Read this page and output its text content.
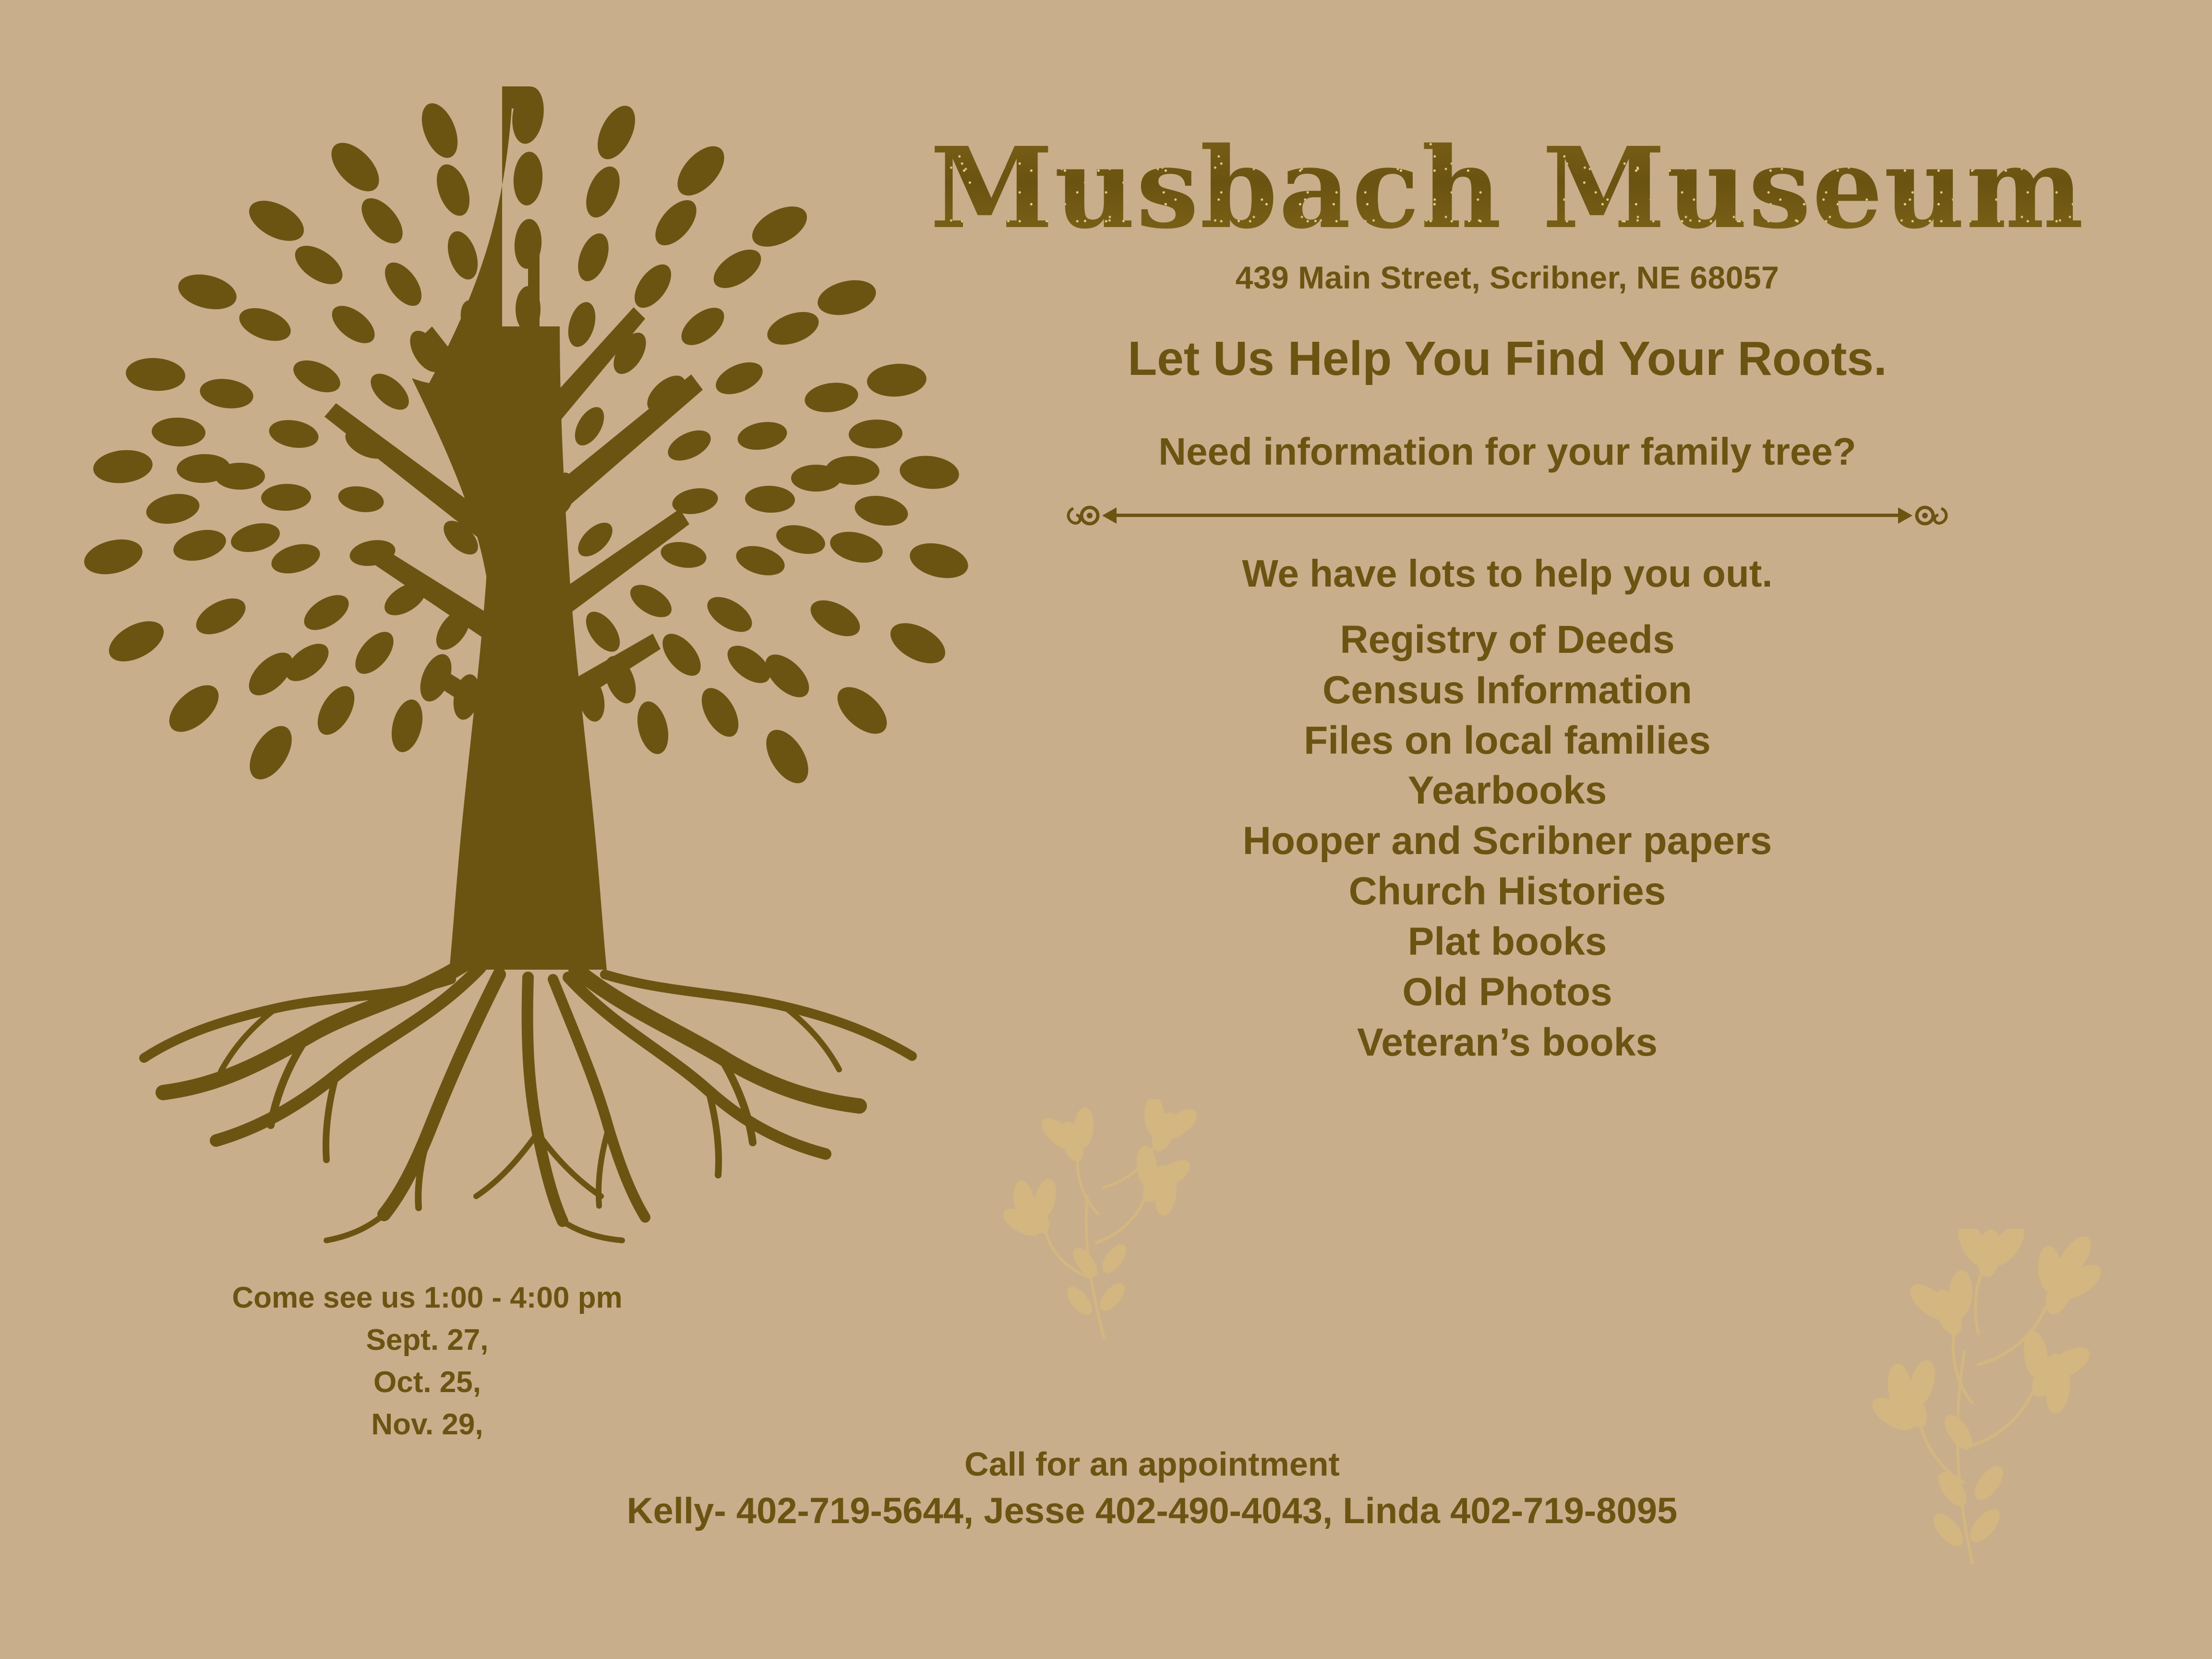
Musbach Museum
439 Main Street, Scribner, NE 68057
Let Us Help You Find Your Roots.
Need information for your family tree?
We have lots to help you out.
Registry of Deeds
Census Information
Files on local families
Yearbooks
Hooper and Scribner papers
Church Histories
Plat books
Old Photos
Veteran’s books
Come see us 1:00 - 4:00 pm
Sept. 27,
Oct. 25,
Nov. 29,
Call for an appointment
Kelly- 402-719-5644, Jesse 402-490-4043, Linda 402-719-8095
